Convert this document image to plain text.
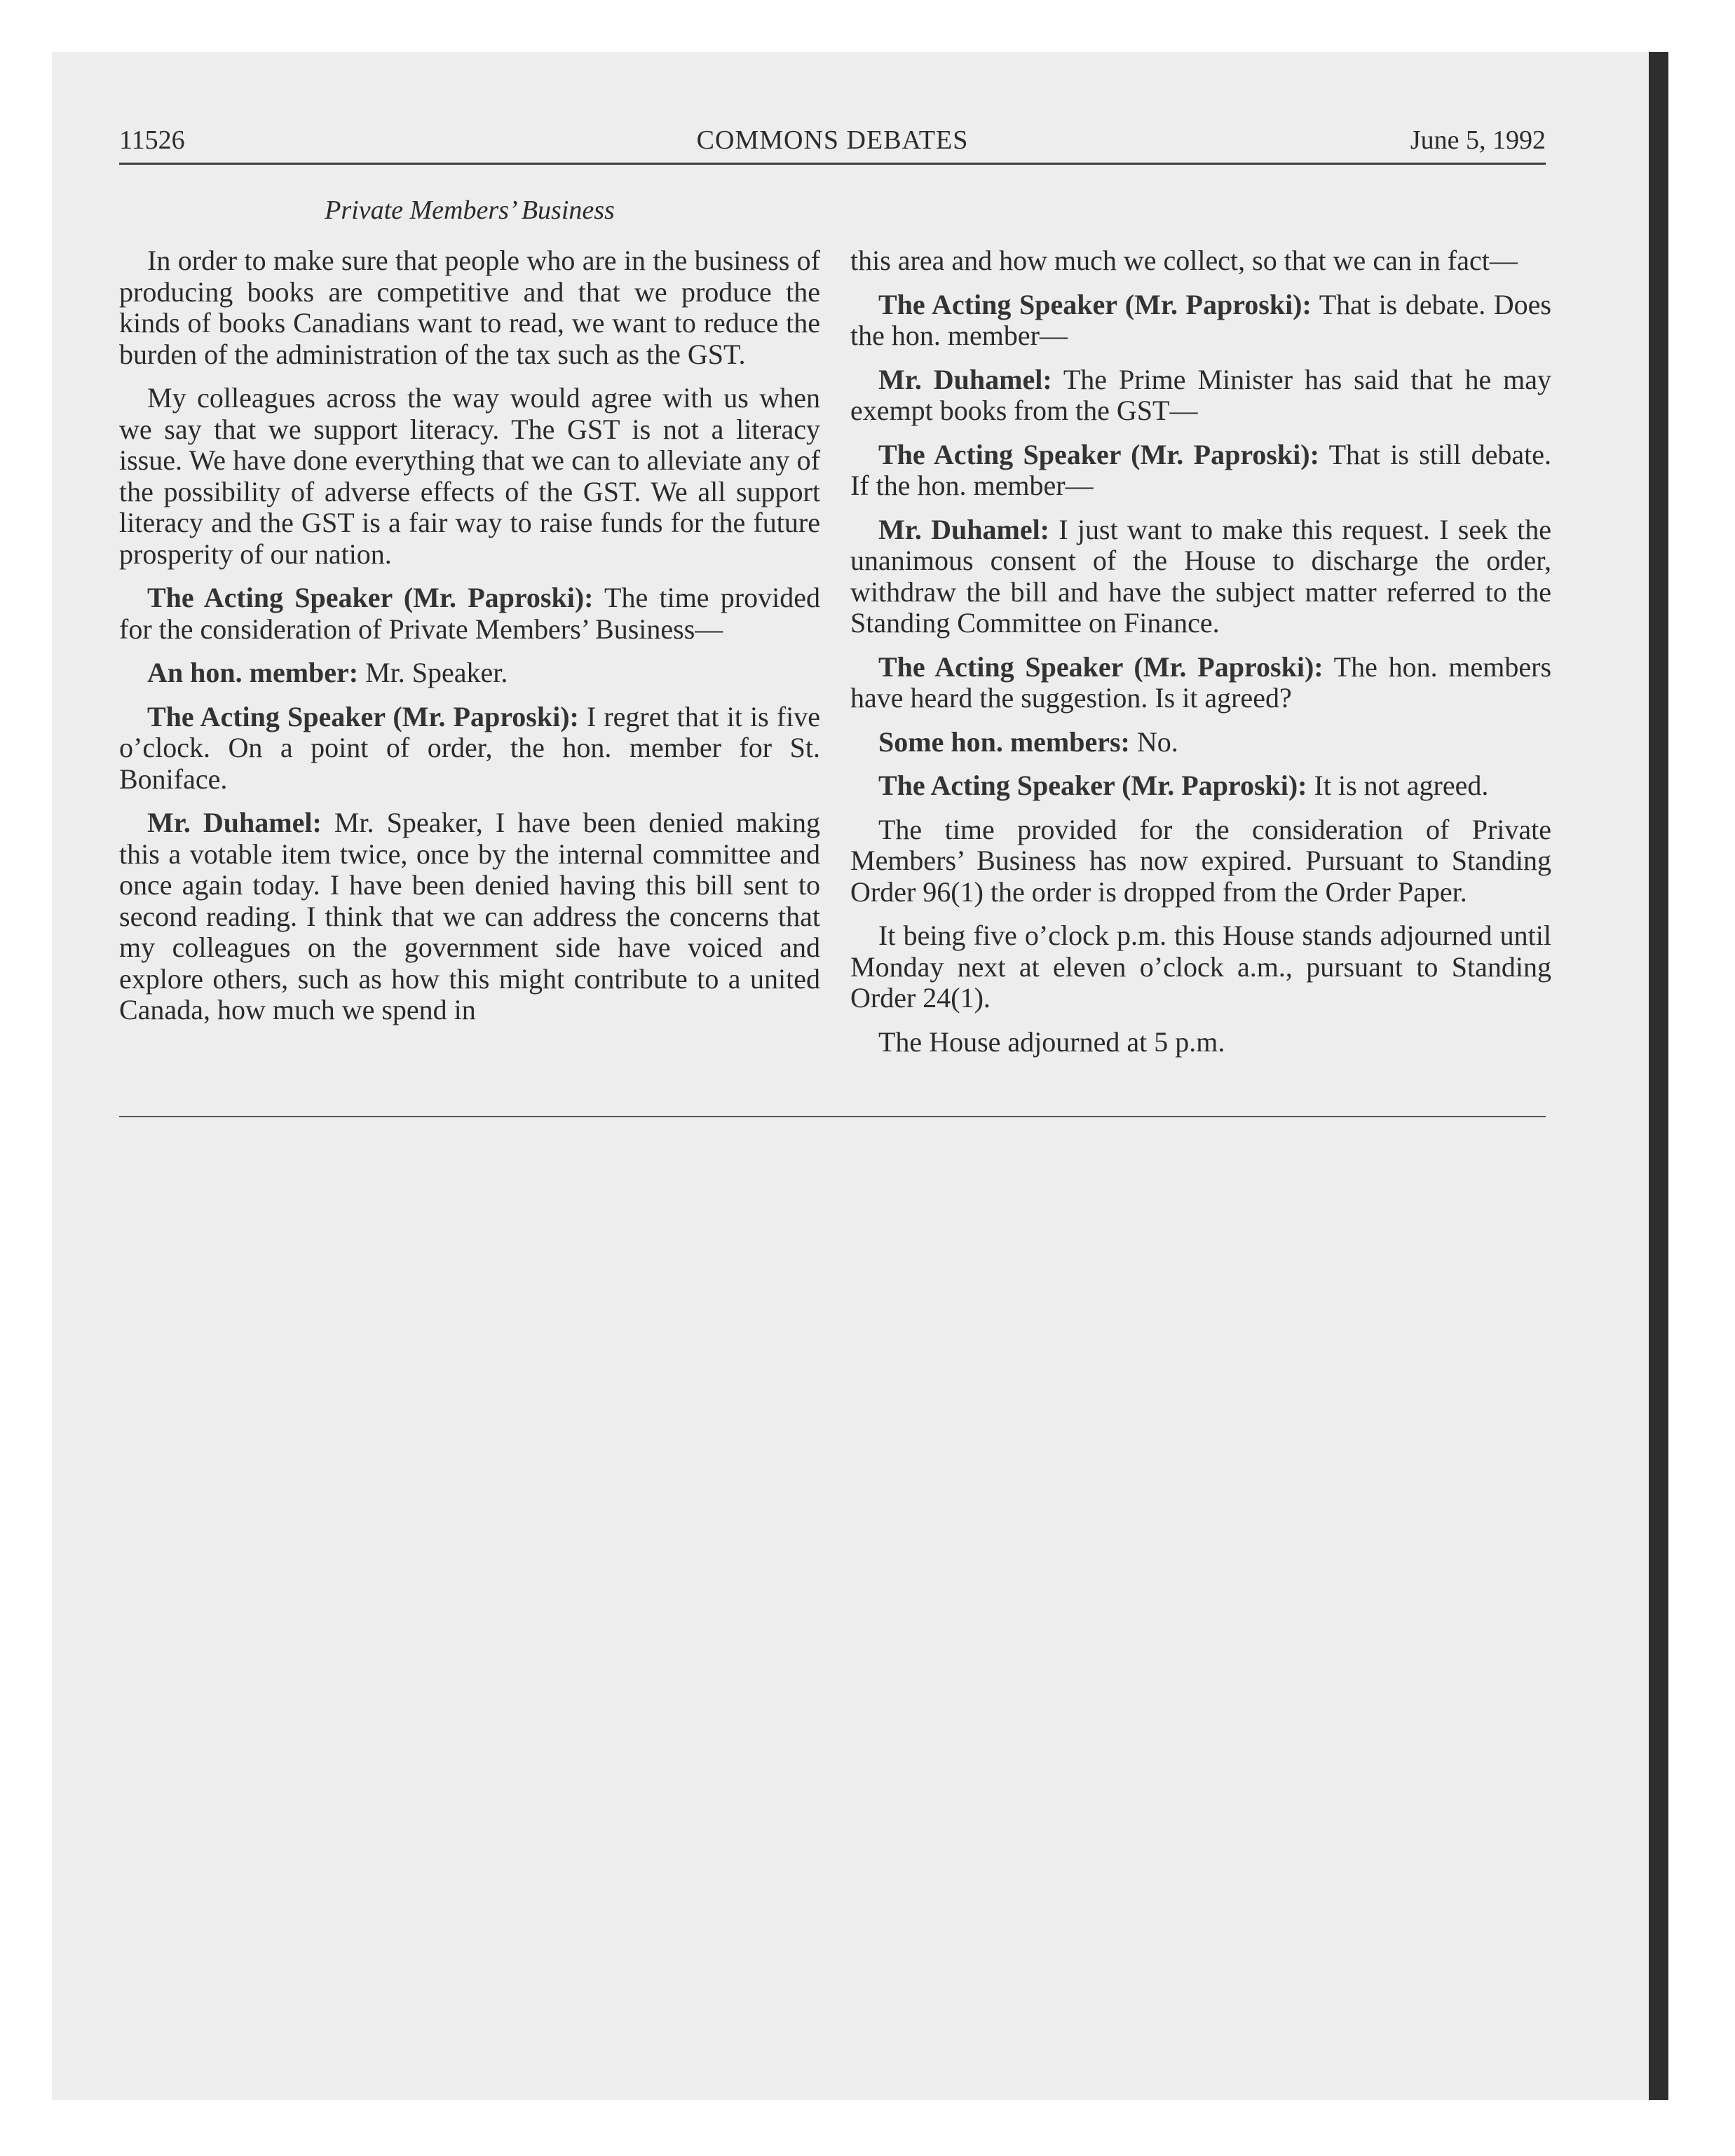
11526	COMMONS DEBATES	June 5, 1992
Private Members’ Business

In order to make sure that people who are in the business of producing books are competitive and that we produce the kinds of books Canadians want to read, we want to reduce the burden of the administration of the tax such as the GST.

My colleagues across the way would agree with us when we say that we support literacy. The GST is not a literacy issue. We have done everything that we can to alleviate any of the possibility of adverse effects of the GST. We all support literacy and the GST is a fair way to raise funds for the future prosperity of our nation.

The Acting Speaker (Mr. Paproski): The time provided for the consideration of Private Members’ Business—

An hon. member: Mr. Speaker.

The Acting Speaker (Mr. Paproski): I regret that it is five o’clock. On a point of order, the hon. member for St. Boniface.

Mr. Duhamel: Mr. Speaker, I have been denied making this a votable item twice, once by the internal committee and once again today. I have been denied having this bill sent to second reading. I think that we can address the concerns that my colleagues on the government side have voiced and explore others, such as how this might contribute to a united Canada, how much we spend in

this area and how much we collect, so that we can in fact—

The Acting Speaker (Mr. Paproski): That is debate. Does the hon. member—

Mr. Duhamel: The Prime Minister has said that he may exempt books from the GST—

The Acting Speaker (Mr. Paproski): That is still debate. If the hon. member—

Mr. Duhamel: I just want to make this request. I seek the unanimous consent of the House to discharge the order, withdraw the bill and have the subject matter referred to the Standing Committee on Finance.

The Acting Speaker (Mr. Paproski): The hon. members have heard the suggestion. Is it agreed?

Some hon. members: No.

The Acting Speaker (Mr. Paproski): It is not agreed.

The time provided for the consideration of Private Members’ Business has now expired. Pursuant to Standing Order 96(1) the order is dropped from the Order Paper.

It being five o’clock p.m. this House stands adjourned until Monday next at eleven o’clock a.m., pursuant to Standing Order 24(1).

The House adjourned at 5 p.m.
